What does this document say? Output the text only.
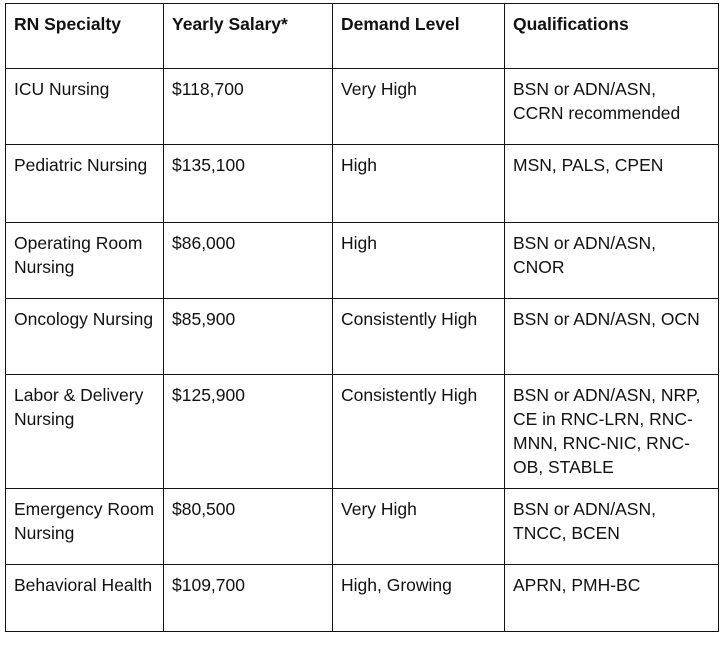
RN Specialty	Yearly Salary*	Demand Level	Qualifications
ICU Nursing	$118,700	Very High	BSN or ADN/ASN, CCRN recommended
Pediatric Nursing	$135,100	High	MSN, PALS, CPEN
Operating Room Nursing	$86,000	High	BSN or ADN/ASN, CNOR
Oncology Nursing	$85,900	Consistently High	BSN or ADN/ASN, OCN
Labor & Delivery Nursing	$125,900	Consistently High	BSN or ADN/ASN, NRP, CE in RNC-LRN, RNC-MNN, RNC-NIC, RNC-OB, STABLE
Emergency Room Nursing	$80,500	Very High	BSN or ADN/ASN, TNCC, BCEN
Behavioral Health	$109,700	High, Growing	APRN, PMH-BC
